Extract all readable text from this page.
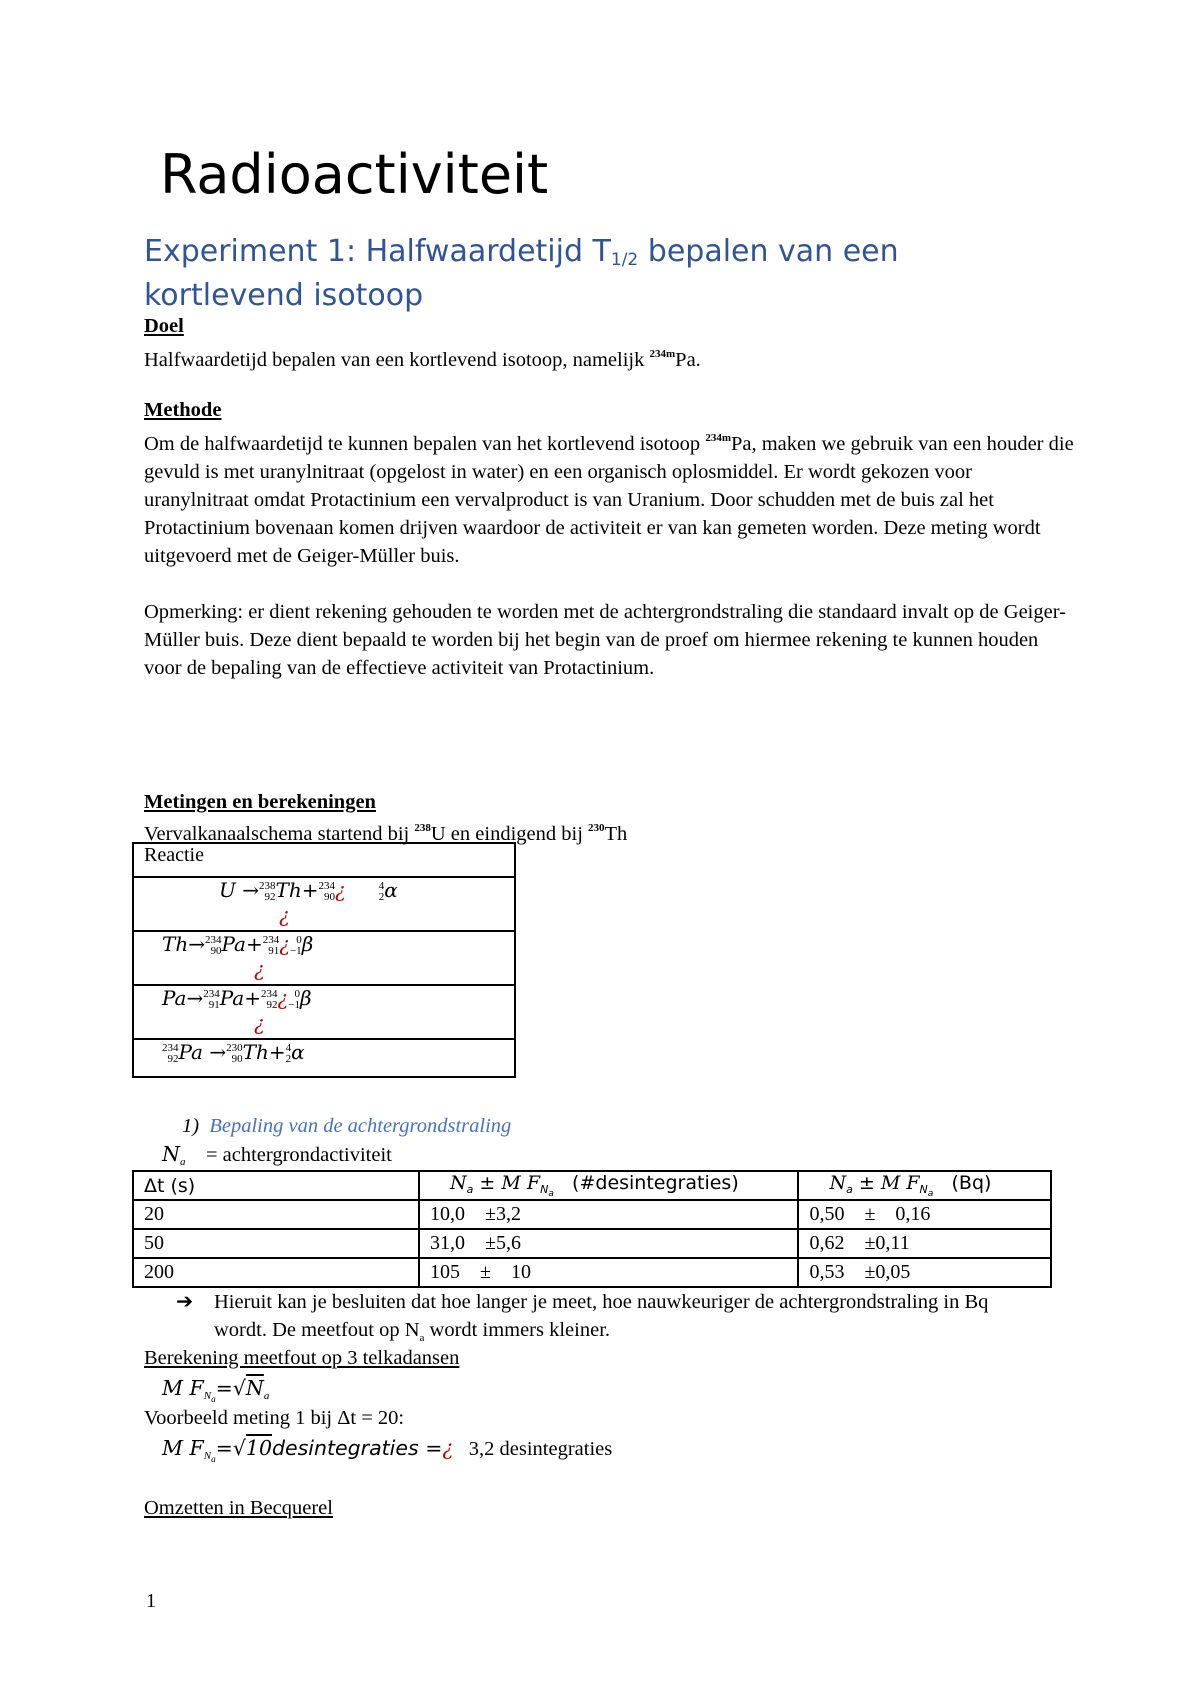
Radioactiviteit
Experiment 1: Halfwaardetijd $T_{1/2}$ bepalen van een kortlevend isotoop
Doel
Halfwaardetijd bepalen van een kortlevend isotoop, namelijk $^{234m}$Pa.
Methode
Om de halfwaardetijd te kunnen bepalen van het kortlevend isotoop $^{234m}$Pa, maken we gebruik van een houder die gevuld is met uranylnitraat (opgelost in water) en een organisch oplosmiddel. Er wordt gekozen voor uranylnitraat omdat Protactinium een vervalproduct is van Uranium. Door schudden met de buis zal het Protactinium bovenaan komen drijven waardoor de activiteit er van kan gemeten worden. Deze meting wordt uitgevoerd met de Geiger-Müller buis.
Opmerking: er dient rekening gehouden te worden met de achtergrondstraling die standaard invalt op de Geiger-Müller buis. Deze dient bepaald te worden bij het begin van de proef om hiermee rekening te kunnen houden voor de bepaling van de effectieve activiteit van Protactinium.
Metingen en berekeningen
Vervalkanaalschema startend bij $^{238}$U en eindigend bij $^{230}$Th
Reactie
U →238
92Th+234
90¿	4
2α
¿
Th→234
90Pa+234
91¿ 0
−1β
¿
Pa→234
91Pa+234
92¿ 0
−1β
¿
234
92Pa →230
90Th+4
2α
1) Bepaling van de achtergrondstraling
Na = achtergrondactiviteit
Δt (s)	$N_a \pm M$ $F_{N_a}$ (#desintegraties)	$N_a \pm M$ $F_{N_a}$ (Bq)
20	10,0    ±3,2	0,50    ±    0,16
50	31,0    ±5,6	0,62    ±0,11
200	105    ±    10	0,53    ±0,05
➔	Hieruit kan je besluiten dat hoe langer je meet, hoe nauwkeuriger de achtergrondstraling in Bq wordt. De meetfout op $N_a$ wordt immers kleiner.
Berekening meetfout op 3 telkadansen
M $FN_a=√Na$
Voorbeeld meting 1 bij Δt = 20:
M $FN_a=√10desintegraties$ =¿ 3,2 desintegraties
Omzetten in Becquerel
1
